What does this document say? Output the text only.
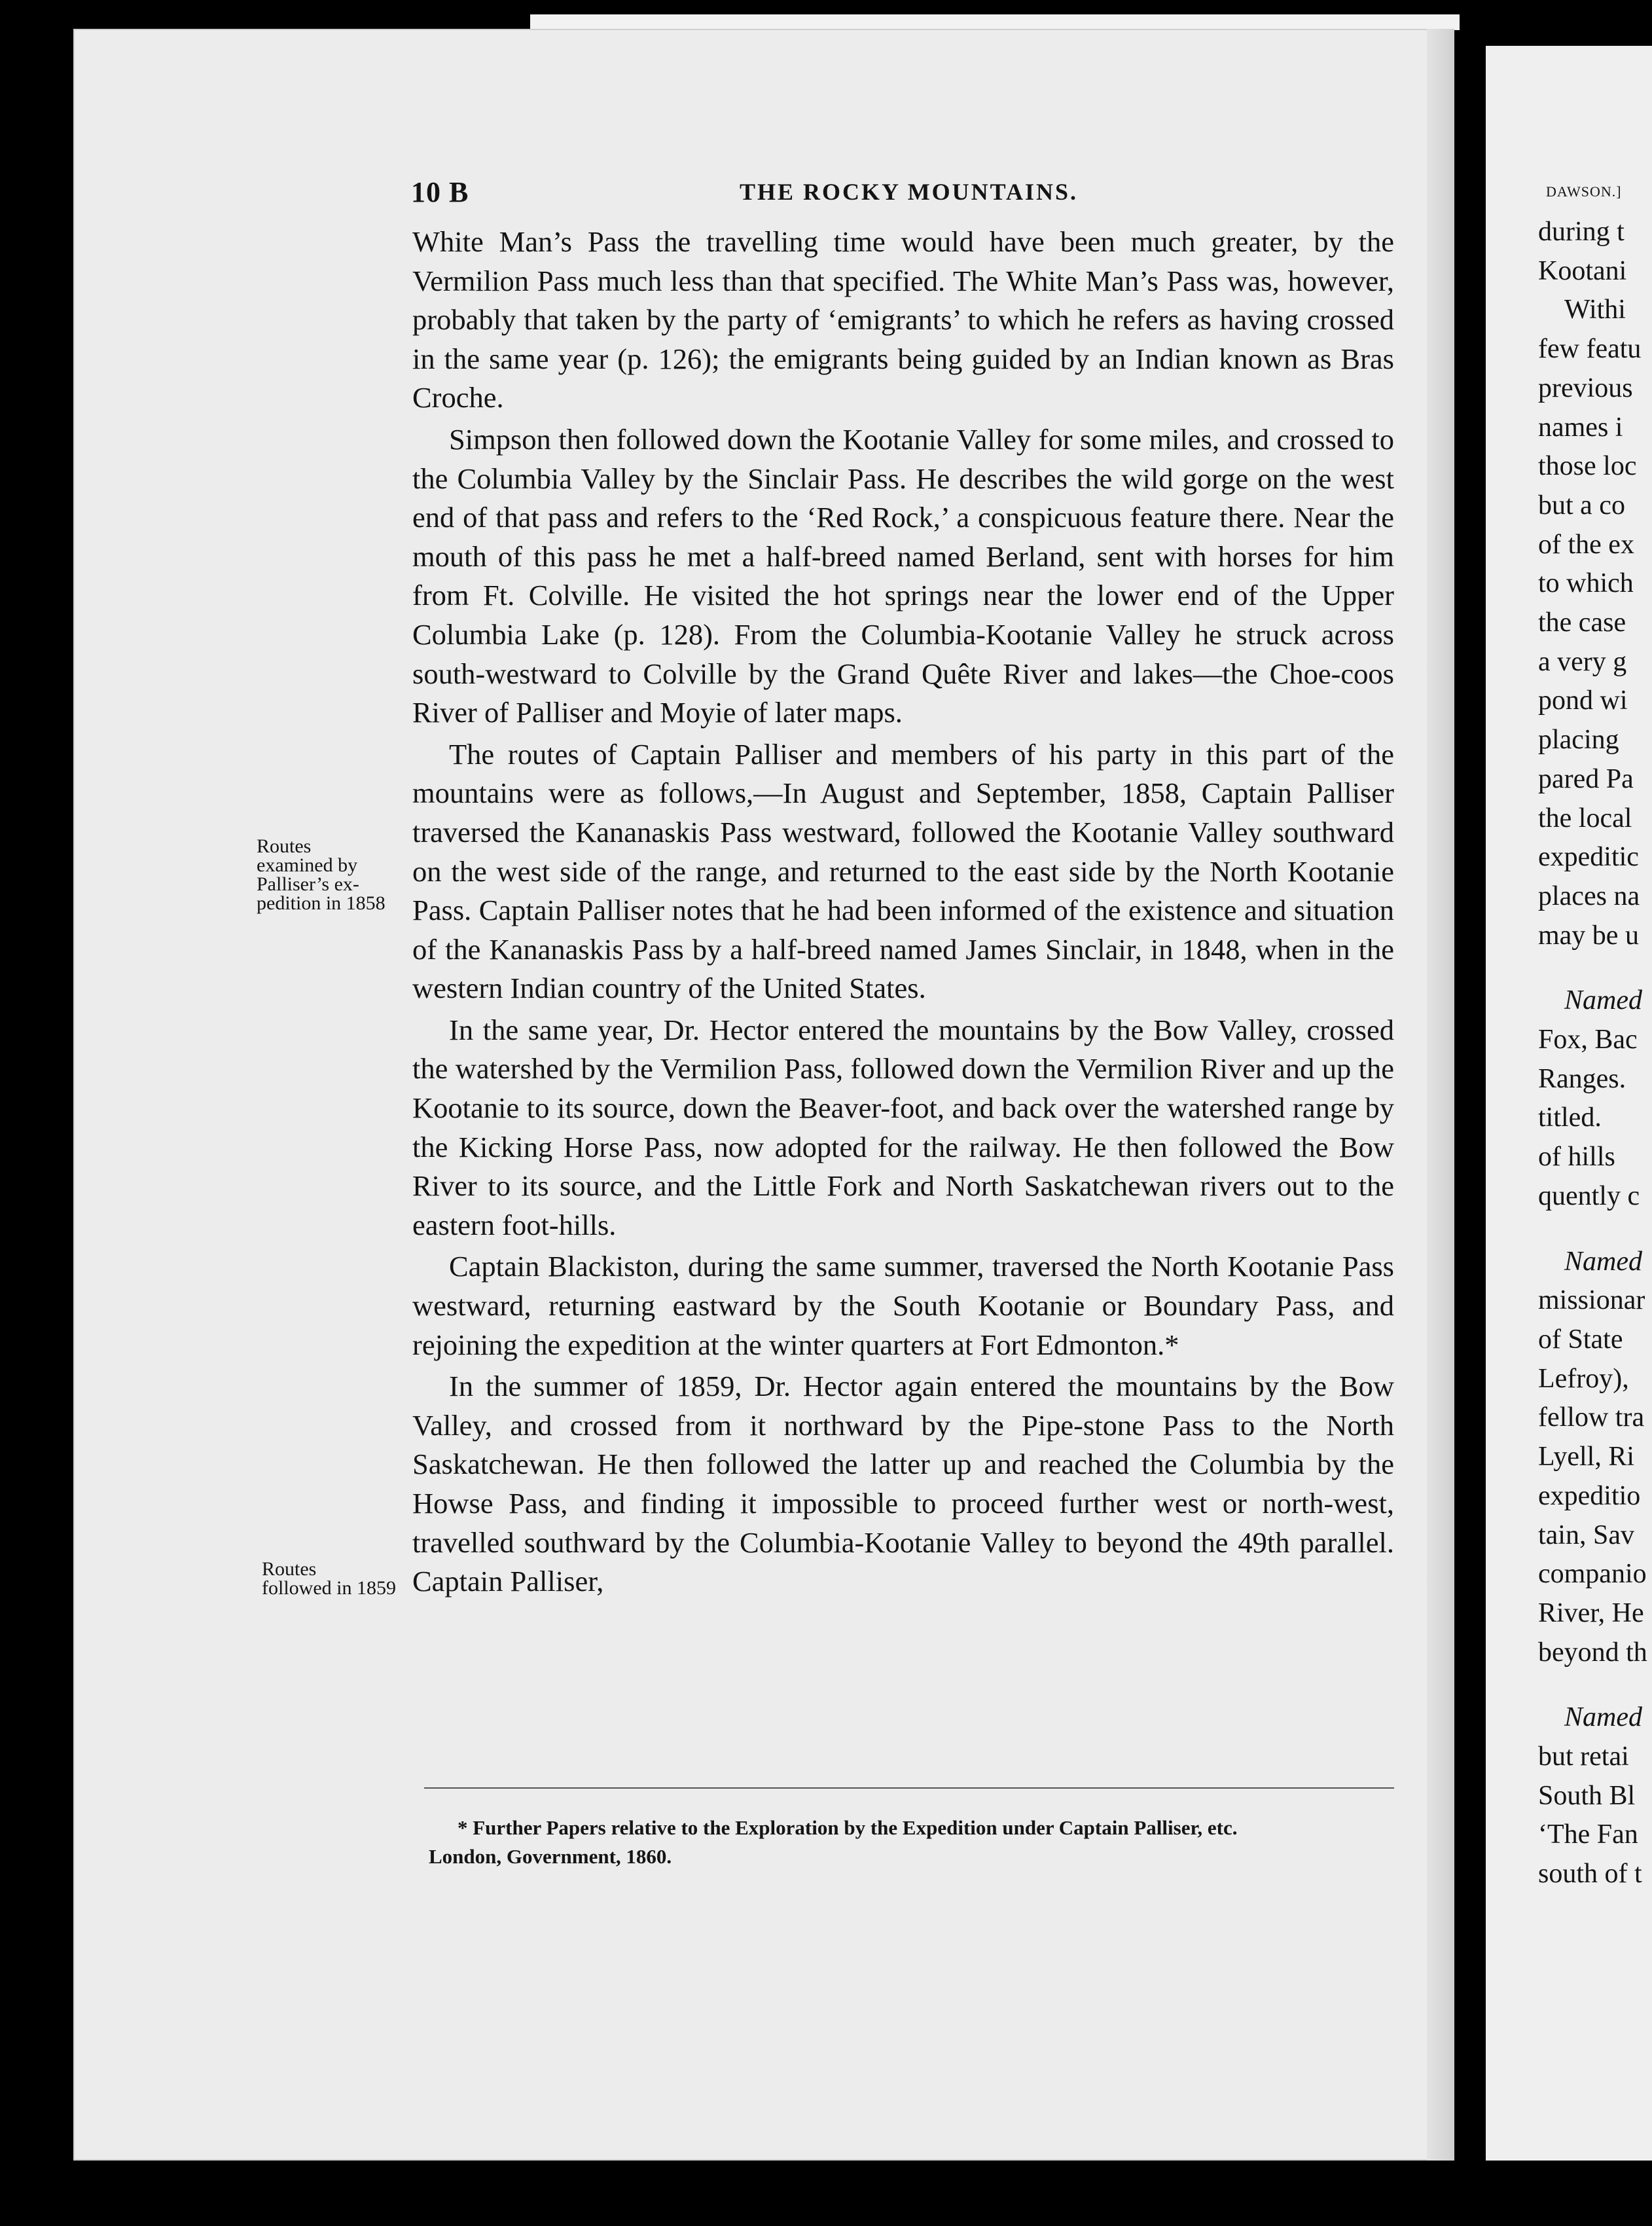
10 B	THE ROCKY MOUNTAINS.

White Man’s Pass the travelling time would have been much greater, by the Vermilion Pass much less than that specified. The White Man’s Pass was, however, probably that taken by the party of ‘emigrants’ to which he refers as having crossed in the same year (p. 126); the emigrants being guided by an Indian known as Bras Croche.

Simpson then followed down the Kootanie Valley for some miles, and crossed to the Columbia Valley by the Sinclair Pass. He describes the wild gorge on the west end of that pass and refers to the ‘Red Rock,’ a conspicuous feature there. Near the mouth of this pass he met a half-breed named Berland, sent with horses for him from Ft. Colville. He visited the hot springs near the lower end of the Upper Columbia Lake (p. 128). From the Columbia-Kootanie Valley he struck across south-westward to Colville by the Grand Quête River and lakes—the Choe-coos River of Palliser and Moyie of later maps.

The routes of Captain Palliser and members of his party in this part of the mountains were as follows,—In August and September, 1858, Captain Palliser traversed the Kananaskis Pass westward, followed the Kootanie Valley southward on the west side of the range, and returned to the east side by the North Kootanie Pass. Captain Palliser notes that he had been informed of the existence and situation of the Kananaskis Pass by a half-breed named James Sinclair, in 1848, when in the western Indian country of the United States.

In the same year, Dr. Hector entered the mountains by the Bow Valley, crossed the watershed by the Vermilion Pass, followed down the Vermilion River and up the Kootanie to its source, down the Beaver-foot, and back over the watershed range by the Kicking Horse Pass, now adopted for the railway. He then followed the Bow River to its source, and the Little Fork and North Saskatchewan rivers out to the eastern foot-hills.

Captain Blackiston, during the same summer, traversed the North Kootanie Pass westward, returning eastward by the South Kootanie or Boundary Pass, and rejoining the expedition at the winter quarters at Fort Edmonton.*

In the summer of 1859, Dr. Hector again entered the mountains by the Bow Valley, and crossed from it northward by the Pipe-stone Pass to the North Saskatchewan. He then followed the latter up and reached the Columbia by the Howse Pass, and finding it impossible to proceed further west or north-west, travelled southward by the Columbia-Kootanie Valley to beyond the 49th parallel. Captain Palliser,

Routes
examined by
Palliser’s ex-
pedition in 1858
Routes
followed in 1859
* Further Papers relative to the Exploration by the Expedition under Captain Palliser, etc.
London, Government, 1860.
DAWSON.]
during t
Kootani
Withi
few featu
previous
names i
those loc
but a co
of the ex
to which
the case
a very g
pond wi
placing
pared Pa
the local
expeditic
places na
may be u
Named
Fox, Bac
Ranges.
titled.
of hills
quently c
Named
missionar
of State
Lefroy),
fellow tra
Lyell, Ri
expeditio
tain, Sav
companio
River, He
beyond th
Named
but retai
South Bl
‘The Fan
south of t
